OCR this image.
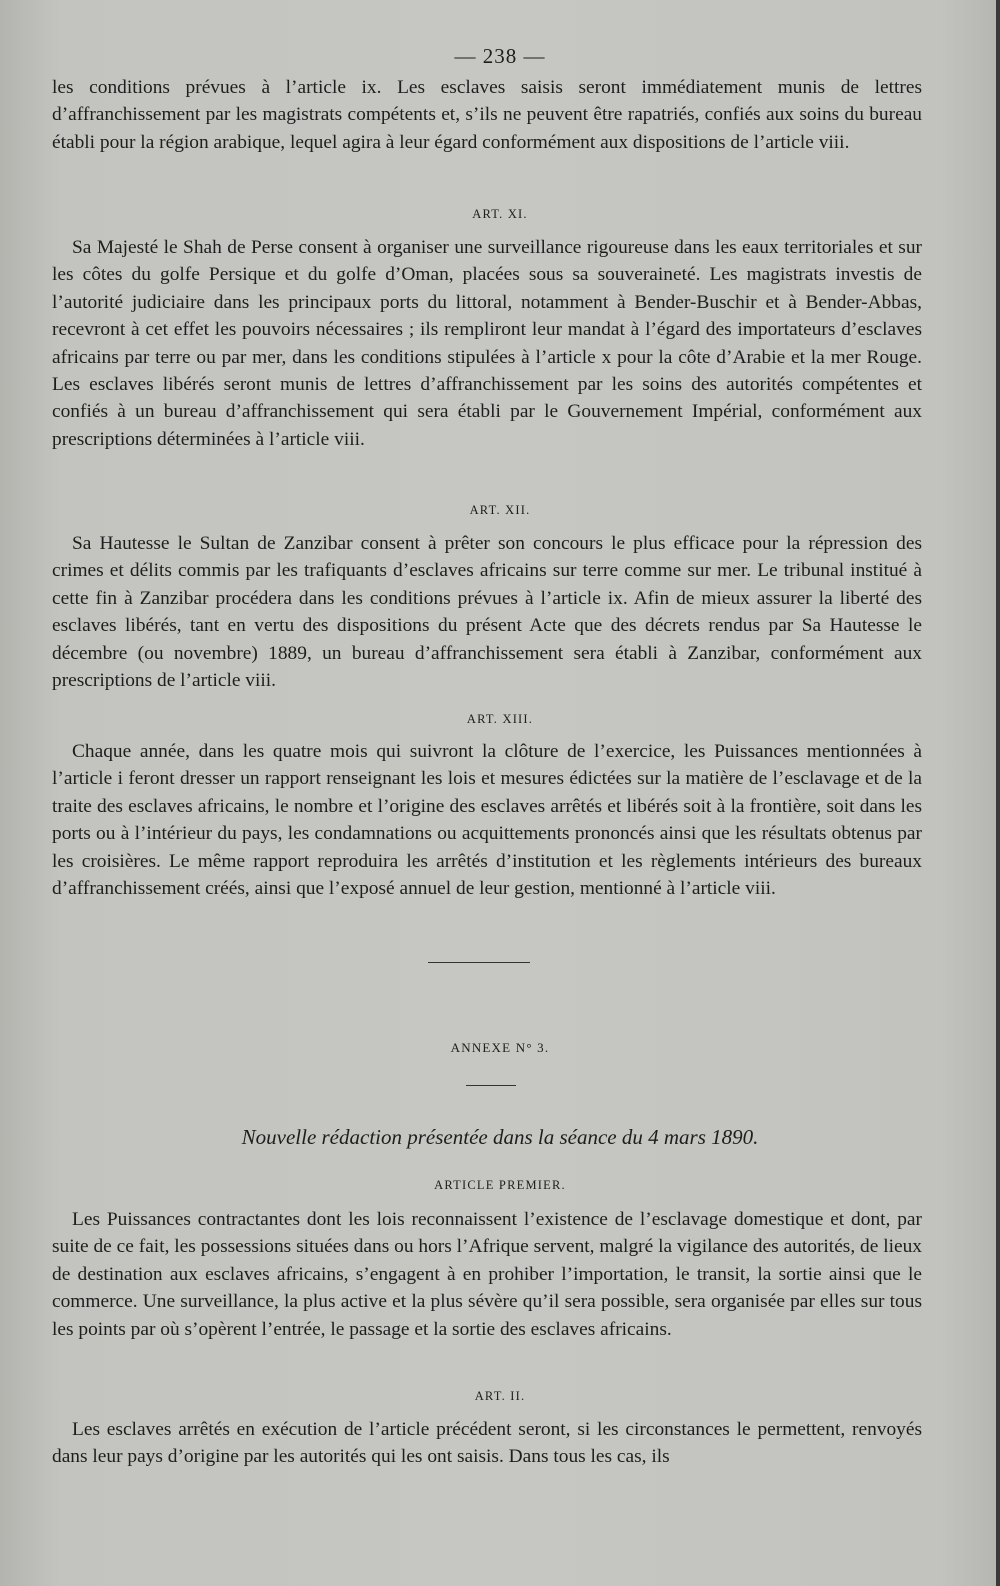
— 238 —

les conditions prévues à l’article ix. Les esclaves saisis seront immédiatement munis de lettres d’affranchissement par les magistrats compétents et, s’ils ne peuvent être rapatriés, confiés aux soins du bureau établi pour la région arabique, lequel agira à leur égard conformément aux dispositions de l’article viii.

ART. XI.

Sa Majesté le Shah de Perse consent à organiser une surveillance rigoureuse dans les eaux territoriales et sur les côtes du golfe Persique et du golfe d’Oman, placées sous sa souveraineté. Les magistrats investis de l’autorité judiciaire dans les principaux ports du littoral, notamment à Bender-Buschir et à Bender-Abbas, recevront à cet effet les pouvoirs nécessaires ; ils rempliront leur mandat à l’égard des importateurs d’esclaves africains par terre ou par mer, dans les conditions stipulées à l’article x pour la côte d’Arabie et la mer Rouge. Les esclaves libérés seront munis de lettres d’affranchissement par les soins des autorités compétentes et confiés à un bureau d’affranchissement qui sera établi par le Gouvernement Impérial, conformément aux prescriptions déterminées à l’article viii.

ART. XII.

Sa Hautesse le Sultan de Zanzibar consent à prêter son concours le plus efficace pour la répression des crimes et délits commis par les trafiquants d’esclaves africains sur terre comme sur mer. Le tribunal institué à cette fin à Zanzibar procédera dans les conditions prévues à l’article ix. Afin de mieux assurer la liberté des esclaves libérés, tant en vertu des dispositions du présent Acte que des décrets rendus par Sa Hautesse le décembre (ou novembre) 1889, un bureau d’affranchissement sera établi à Zanzibar, conformément aux prescriptions de l’article viii.

ART. XIII.

Chaque année, dans les quatre mois qui suivront la clôture de l’exercice, les Puissances mentionnées à l’article i feront dresser un rapport renseignant les lois et mesures édictées sur la matière de l’esclavage et de la traite des esclaves africains, le nombre et l’origine des esclaves arrêtés et libérés soit à la frontière, soit dans les ports ou à l’intérieur du pays, les condamnations ou acquittements prononcés ainsi que les résultats obtenus par les croisières. Le même rapport reproduira les arrêtés d’institution et les règlements intérieurs des bureaux d’affranchissement créés, ainsi que l’exposé annuel de leur gestion, mentionné à l’article viii.

ANNEXE N° 3.
Nouvelle rédaction présentée dans la séance du 4 mars 1890.
ARTICLE PREMIER.

Les Puissances contractantes dont les lois reconnaissent l’existence de l’esclavage domestique et dont, par suite de ce fait, les possessions situées dans ou hors l’Afrique servent, malgré la vigilance des autorités, de lieux de destination aux esclaves africains, s’engagent à en prohiber l’importation, le transit, la sortie ainsi que le commerce. Une surveillance, la plus active et la plus sévère qu’il sera possible, sera organisée par elles sur tous les points par où s’opèrent l’entrée, le passage et la sortie des esclaves africains.

ART. II.

Les esclaves arrêtés en exécution de l’article précédent seront, si les circonstances le permettent, renvoyés dans leur pays d’origine par les autorités qui les ont saisis. Dans tous les cas, ils
